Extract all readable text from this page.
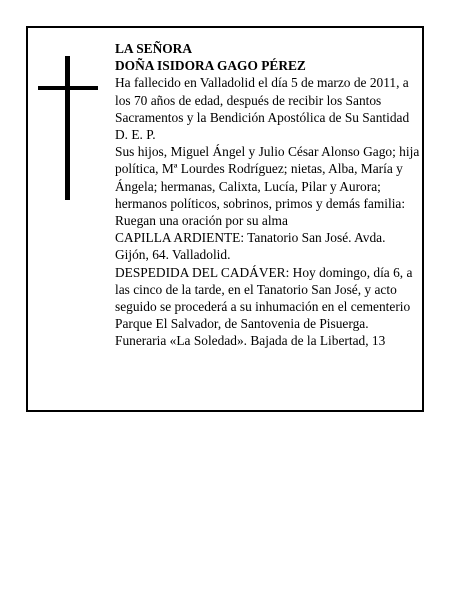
LA SEÑORA

DOÑA ISIDORA GAGO PÉREZ

Ha fallecido en Valladolid el día 5 de marzo de 2011, a los 70 años de edad, después de recibir los Santos Sacramentos y la Bendición Apostólica de Su Santidad D. E. P.

Sus hijos, Miguel Ángel y Julio César Alonso Gago; hija política, Mª Lourdes Rodríguez; nietas, Alba, María y Ángela; hermanas, Calixta, Lucía, Pilar y Aurora; hermanos políticos, sobrinos, primos y demás familia:

Ruegan una oración por su alma

CAPILLA ARDIENTE: Tanatorio San José. Avda. Gijón, 64. Valladolid.

DESPEDIDA DEL CADÁVER: Hoy domingo, día 6, a las cinco de la tarde, en el Tanatorio San José, y acto seguido se procederá a su inhumación en el cementerio Parque El Salvador, de Santovenia de Pisuerga.

Funeraria «La Soledad». Bajada de la Libertad, 13
